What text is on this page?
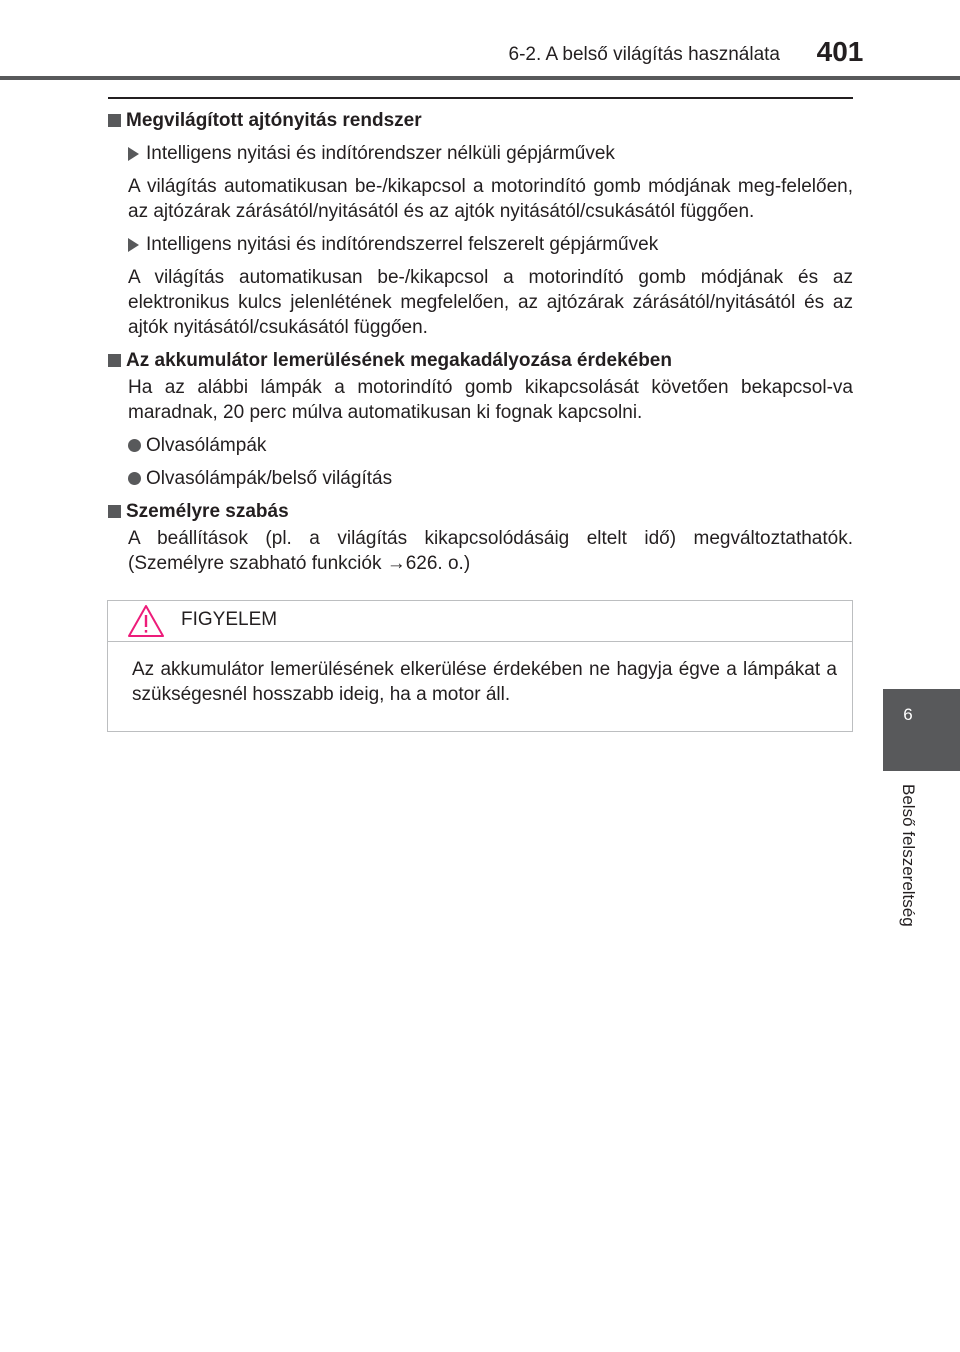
6-2. A belső világítás használata	401

Megvilágított ajtónyitás rendszer

Intelligens nyitási és indítórendszer nélküli gépjárművek

A világítás automatikusan be-/kikapcsol a motorindító gomb módjának meg-felelően, az ajtózárak zárásától/nyitásától és az ajtók nyitásától/csukásától függően.

Intelligens nyitási és indítórendszerrel felszerelt gépjárművek

A világítás automatikusan be-/kikapcsol a motorindító gomb módjának és az elektronikus kulcs jelenlétének megfelelően, az ajtózárak zárásától/nyitásától és az ajtók nyitásától/csukásától függően.

Az akkumulátor lemerülésének megakadályozása érdekében

Ha az alábbi lámpák a motorindító gomb kikapcsolását követően bekapcsol-va maradnak, 20 perc múlva automatikusan ki fognak kapcsolni.

Olvasólámpák

Olvasólámpák/belső világítás

Személyre szabás

A beállítások (pl. a világítás kikapcsolódásáig eltelt idő) megváltoztathatók. (Személyre szabható funkciók →626. o.)

FIGYELEM
Az akkumulátor lemerülésének elkerülése érdekében ne hagyja égve a lámpákat a szükségesnél hosszabb ideig, ha a motor áll.
6
Belső felszereltség
